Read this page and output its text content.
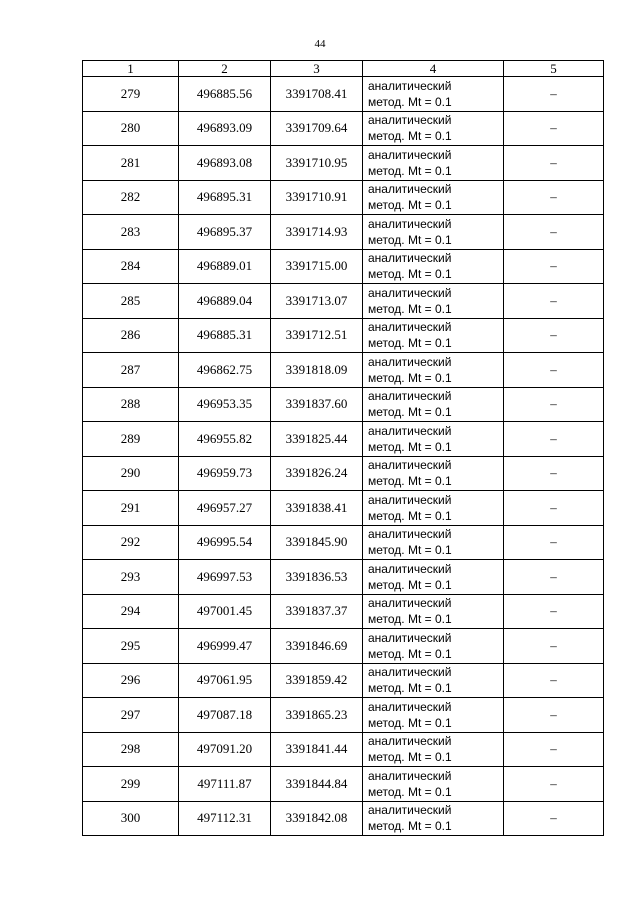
44
1	2	3	4	5
279	496885.56	3391708.41	аналитический
метод. Mt = 0.1	–
280	496893.09	3391709.64	аналитический
метод. Mt = 0.1	–
281	496893.08	3391710.95	аналитический
метод. Mt = 0.1	–
282	496895.31	3391710.91	аналитический
метод. Mt = 0.1	–
283	496895.37	3391714.93	аналитический
метод. Mt = 0.1	–
284	496889.01	3391715.00	аналитический
метод. Mt = 0.1	–
285	496889.04	3391713.07	аналитический
метод. Mt = 0.1	–
286	496885.31	3391712.51	аналитический
метод. Mt = 0.1	–
287	496862.75	3391818.09	аналитический
метод. Mt = 0.1	–
288	496953.35	3391837.60	аналитический
метод. Mt = 0.1	–
289	496955.82	3391825.44	аналитический
метод. Mt = 0.1	–
290	496959.73	3391826.24	аналитический
метод. Mt = 0.1	–
291	496957.27	3391838.41	аналитический
метод. Mt = 0.1	–
292	496995.54	3391845.90	аналитический
метод. Mt = 0.1	–
293	496997.53	3391836.53	аналитический
метод. Mt = 0.1	–
294	497001.45	3391837.37	аналитический
метод. Mt = 0.1	–
295	496999.47	3391846.69	аналитический
метод. Mt = 0.1	–
296	497061.95	3391859.42	аналитический
метод. Mt = 0.1	–
297	497087.18	3391865.23	аналитический
метод. Mt = 0.1	–
298	497091.20	3391841.44	аналитический
метод. Mt = 0.1	–
299	497111.87	3391844.84	аналитический
метод. Mt = 0.1	–
300	497112.31	3391842.08	аналитический
метод. Mt = 0.1	–
